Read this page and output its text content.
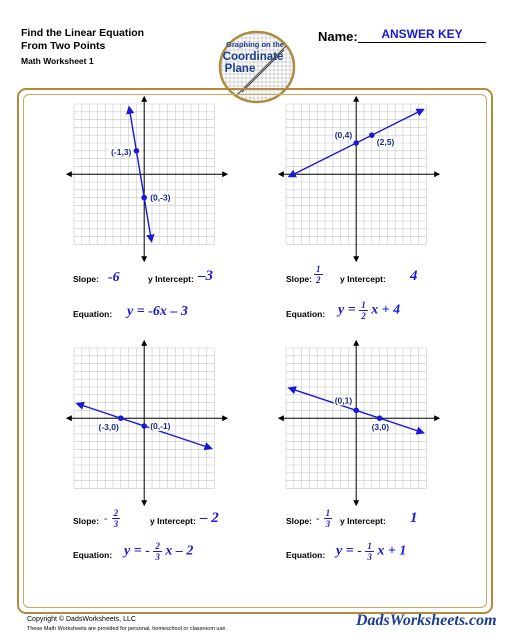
Find the Linear Equation
From Two Points
Math Worksheet 1
Graphing on the
Coordinate
Plane
Name:	ANSWER KEY
(-1,3)
(0,-3)
(0,4)
(2,5)
(-3,0)	(0,-1)
(0,1)
(3,0)
Slope: -6	y Intercept: –3
Equation: y = -6x – 3
Slope: $\frac{1}{2}$ y Intercept: 4
Equation: $y = \frac{1}{2}$ x + 4
Slope: - $\frac{2}{3}$	y Intercept: – 2
Equation: y = - $\frac{2}{3}$ x – 2
Slope: - $\frac{1}{3}$ y Intercept: 1
Equation: y = - $\frac{1}{3}$ x + 1
Copyright © DadsWorksheets, LLC
These Math Worksheets are provided for personal, homeschool or classroom use.	DadsWorksheets.com
